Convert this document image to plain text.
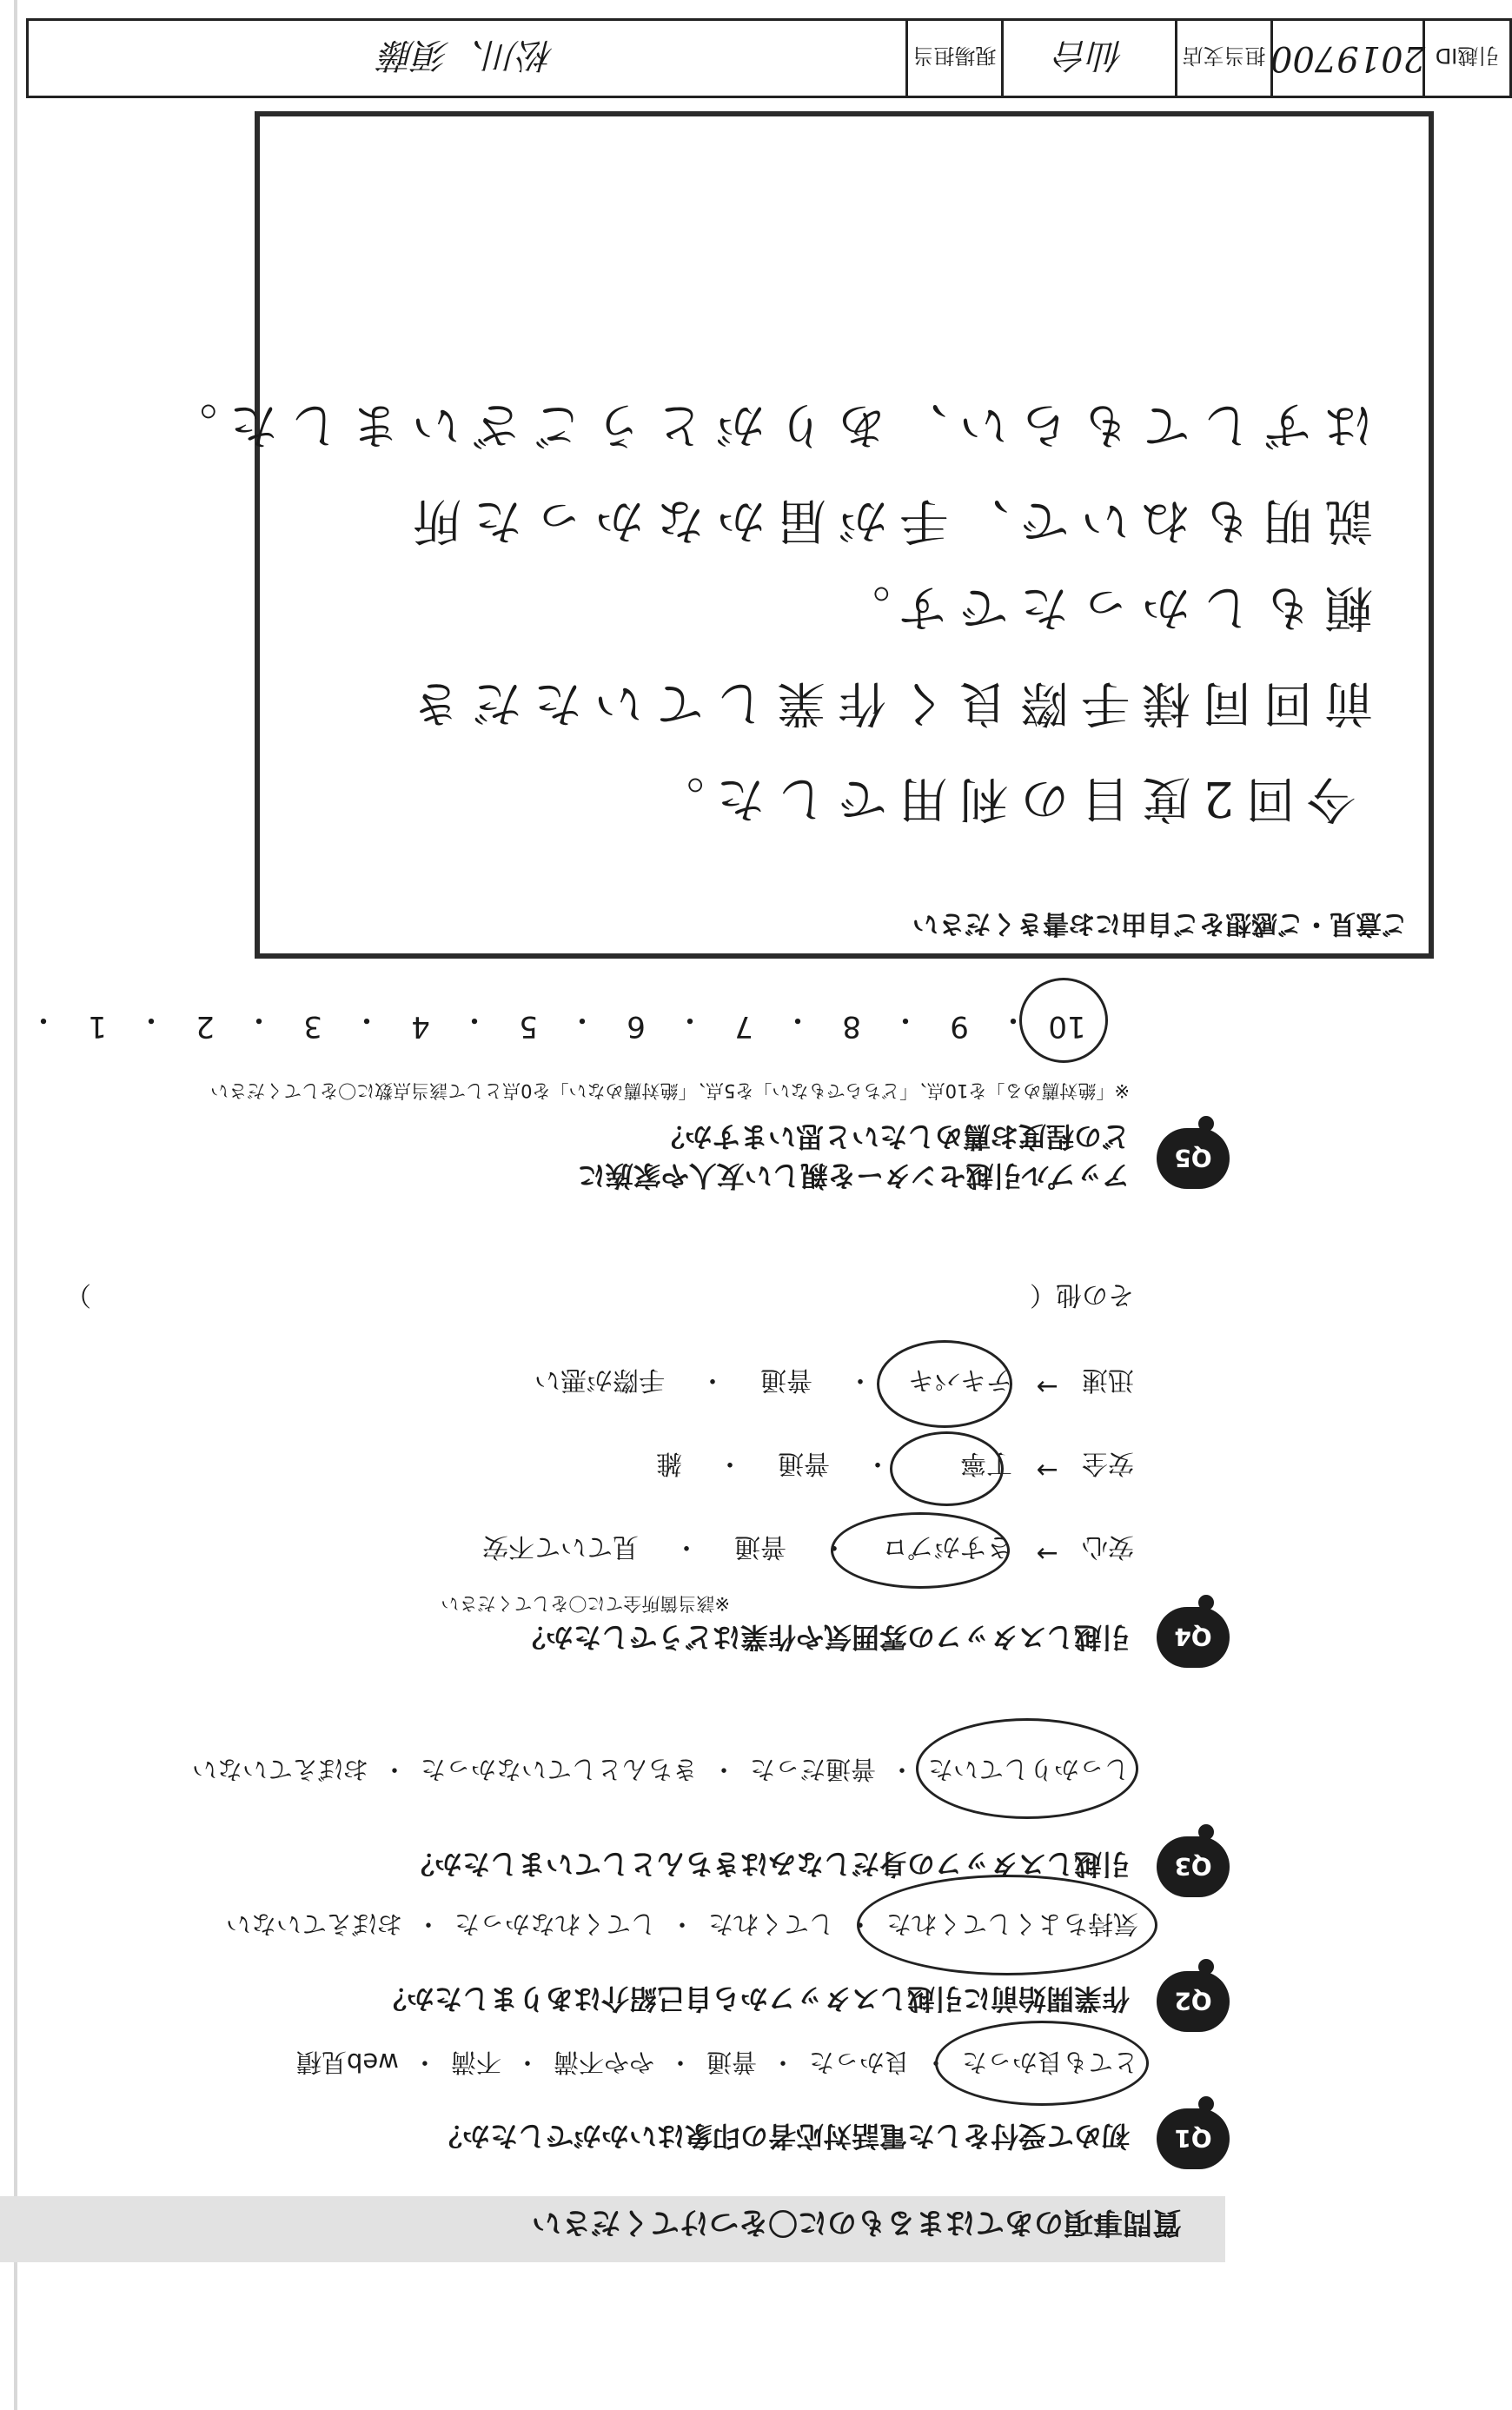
質問事項のあてはまるものに〇をつけてください
Q1
初めて受付をした電話対応者の印象はいかがでしたか？
とても良かった
・
良かった
・
普通
・
やや不満
・
不満
・
web見積
Q2
作業開始前に引越しスタッフから自己紹介はありましたか？
気持ちよくしてくれた
・
してくれた
・
してくれなかった
・
おぼえていない
Q3
引越しスタッフの身だしなみはきちんとしていましたか？
しっかりしていた
・
普通だった
・
きちんとしていなかった
・
おぼえていない
Q4
引越しスタッフの雰囲気や作業はどうでしたか？
※該当箇所全てに〇をしてください
安心
→
さすがプロ
・
普通
・
見ていて不安
安全
→
丁寧
・
普通
・
雑
迅速
→
テキパキ
・
普通
・
手際が悪い
その他（
）
Q5
アップル引越センターを親しい友人や家族に
どの程度お薦めしたいと思いますか？
※「絶対薦める」を10点、「どちらでもない」を5点、「絶対薦めない」を0点として該当点数に〇をしてください
10
・
9
・
8
・
7
・
6
・
5
・
4
・
3
・
2
・
1
・
ご意見・ご感想をご自由にお書きください
今回2度目の利用でした。
前回同様手際良く作業していただき
頼もしかったです。
説明もねいで、手が届かなかった所
はずしてもらい、ありがとうございました。
引越ID
2019700
担当支店
仙台
現場担当
松川、須藤
